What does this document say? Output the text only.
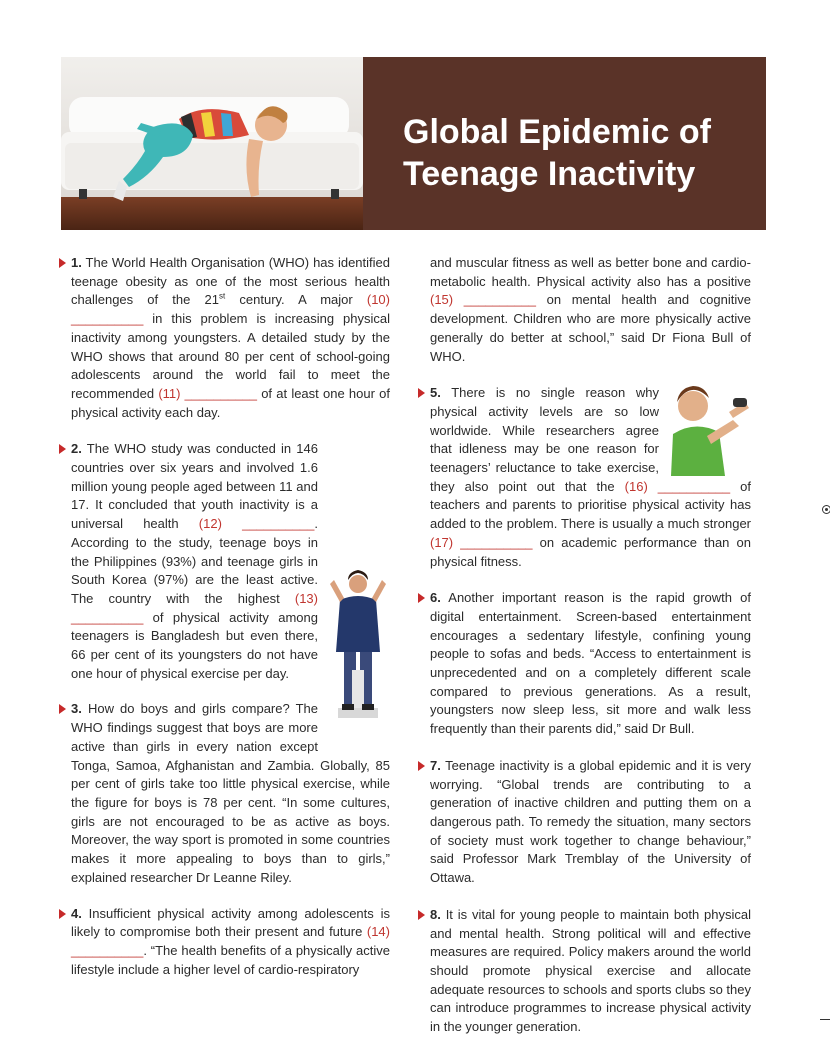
Global Epidemic of
Teenage Inactivity

1. The World Health Organisation (WHO) has identified teenage obesity as one of the most serious health challenges of the 21st century. A major (10) __________ in this problem is increasing physical inactivity among youngsters. A detailed study by the WHO shows that around 80 per cent of school-going adolescents around the world fail to meet the recommended (11) __________ of at least one hour of physical activity each day.

2. The WHO study was conducted in 146 countries over six years and involved 1.6 million young people aged between 11 and 17. It concluded that youth inactivity is a universal health (12) __________. According to the study, teenage boys in the Philippines (93%) and teenage girls in South Korea (97%) are the least active. The country with the highest (13) __________ of physical activity among teenagers is Bangladesh but even there, 66 per cent of its youngsters do not have one hour of physical exercise per day.

3. How do boys and girls compare? The WHO findings suggest that boys are more active than girls in every nation except Tonga, Samoa, Afghanistan and Zambia. Globally, 85 per cent of girls take too little physical exercise, while the figure for boys is 78 per cent. “In some cultures, girls are not encouraged to be as active as boys. Moreover, the way sport is promoted in some countries makes it more appealing to boys than to girls,” explained researcher Dr Leanne Riley.

4. Insufficient physical activity among adolescents is likely to compromise both their present and future (14) __________. “The health benefits of a physically active lifestyle include a higher level of cardio-respiratory

and muscular fitness as well as better bone and cardio-metabolic health. Physical activity also has a positive (15) __________ on mental health and cognitive development. Children who are more physically active generally do better at school,” said Dr Fiona Bull of WHO.

5. There is no single reason why physical activity levels are so low worldwide. While researchers agree that idleness may be one reason for teenagers’ reluctance to take exercise, they also point out that the (16) __________ of teachers and parents to prioritise physical activity has added to the problem. There is usually a much stronger (17) __________ on academic performance than on physical fitness.

6. Another important reason is the rapid growth of digital entertainment. Screen-based entertainment encourages a sedentary lifestyle, confining young people to sofas and beds. “Access to entertainment is unprecedented and on a completely different scale compared to previous generations. As a result, youngsters now sleep less, sit more and walk less frequently than their parents did,” said Dr Bull.

7. Teenage inactivity is a global epidemic and it is very worrying. “Global trends are contributing to a generation of inactive children and putting them on a dangerous path. To remedy the situation, many sectors of society must work together to change behaviour,” said Professor Mark Tremblay of the University of Ottawa.

8. It is vital for young people to maintain both physical and mental health. Strong political will and effective measures are required. Policy makers around the world should promote physical exercise and allocate adequate resources to schools and sports clubs so they can introduce programmes to increase physical activity in the younger generation.
